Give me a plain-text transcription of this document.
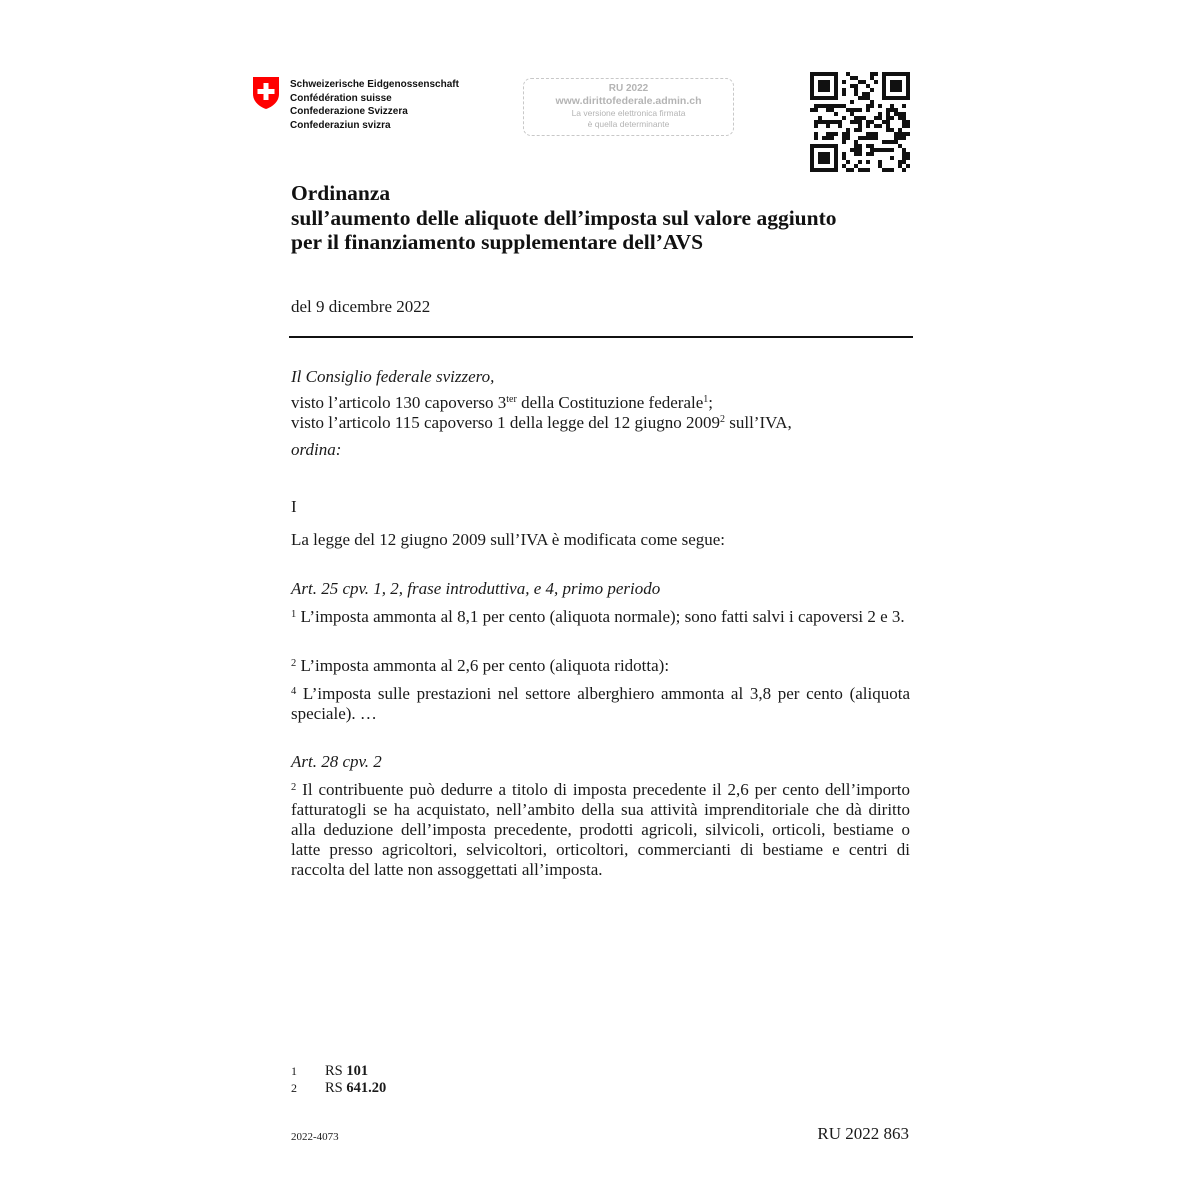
Schweizerische Eidgenossenschaft
Confédération suisse
Confederazione Svizzera
Confederaziun svizra
RU 2022
www.dirittofederale.admin.ch
La versione elettronica firmata
è quella determinante
Ordinanza
sull’aumento delle aliquote dell’imposta sul valore aggiunto
per il finanziamento supplementare dell’AVS
del 9 dicembre 2022
Il Consiglio federale svizzero,
visto l’articolo 130 capoverso 3$^{ter}$ della Costituzione federale$^1$;
visto l’articolo 115 capoverso 1 della legge del 12 giugno 2009$^2$ sull’IVA,
ordina:
I
La legge del 12 giugno 2009 sull’IVA è modificata come segue:
Art. 25 cpv. 1, 2, frase introduttiva, e 4, primo periodo
$^1$ L’imposta ammonta al 8,1 per cento (aliquota normale); sono fatti salvi i capoversi 2 e 3.
$^2$ L’imposta ammonta al 2,6 per cento (aliquota ridotta):
$^4$ L’imposta sulle prestazioni nel settore alberghiero ammonta al 3,8 per cento (aliquota speciale). …
Art. 28 cpv. 2
$^2$ Il contribuente può dedurre a titolo di imposta precedente il 2,6 per cento dell’importo fatturatogli se ha acquistato, nell’ambito della sua attività imprenditoriale che dà diritto alla deduzione dell’imposta precedente, prodotti agricoli, silvicoli, orticoli, bestiame o latte presso agricoltori, selvicoltori, orticoltori, commercianti di bestiame e centri di raccolta del latte non assoggettati all’imposta.
1	RS 101
2	RS 641.20
2022-4073	RU 2022 863
